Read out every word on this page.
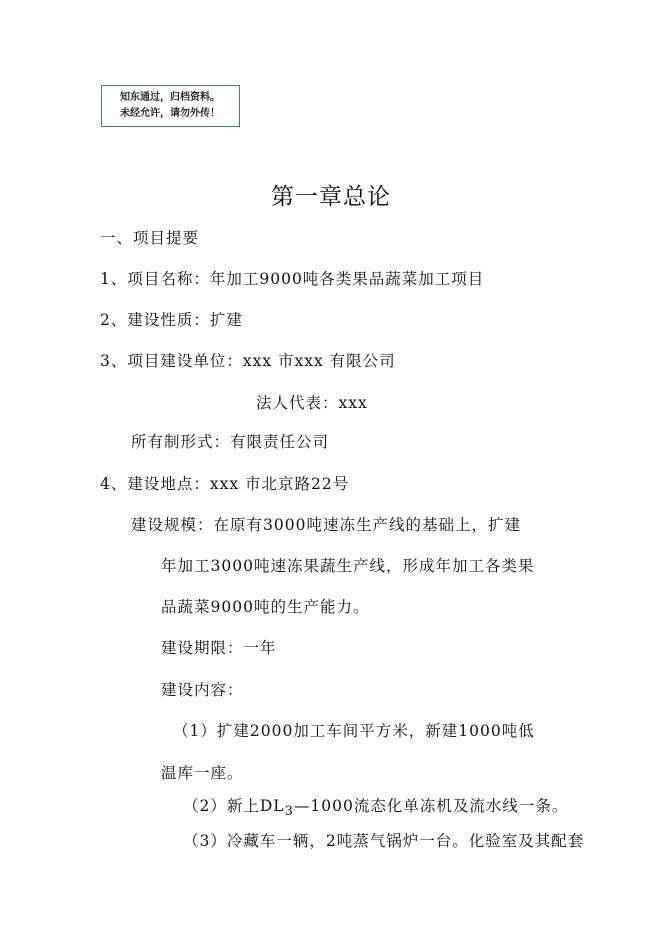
知东通过，归档资料。
未经允许，请勿外传！
第一章总论
一、项目提要
1、项目名称：年加工9000吨各类果品蔬菜加工项目
2、建设性质：扩建
3、项目建设单位：xxx 市xxx 有限公司
法人代表：xxx
所有制形式：有限责任公司
4、建设地点：xxx 市北京路22号
建设规模：在原有3000吨速冻生产线的基础上，扩建
年加工3000吨速冻果蔬生产线，形成年加工各类果
品蔬菜9000吨的生产能力。
建设期限：一年
建设内容：
（1）扩建2000加工车间平方米，新建1000吨低
温库一座。
（2）新上$DL_3—1000$流态化单冻机及流水线一条。
（3）冷藏车一辆，2吨蒸气锅炉一台。化验室及其配套
